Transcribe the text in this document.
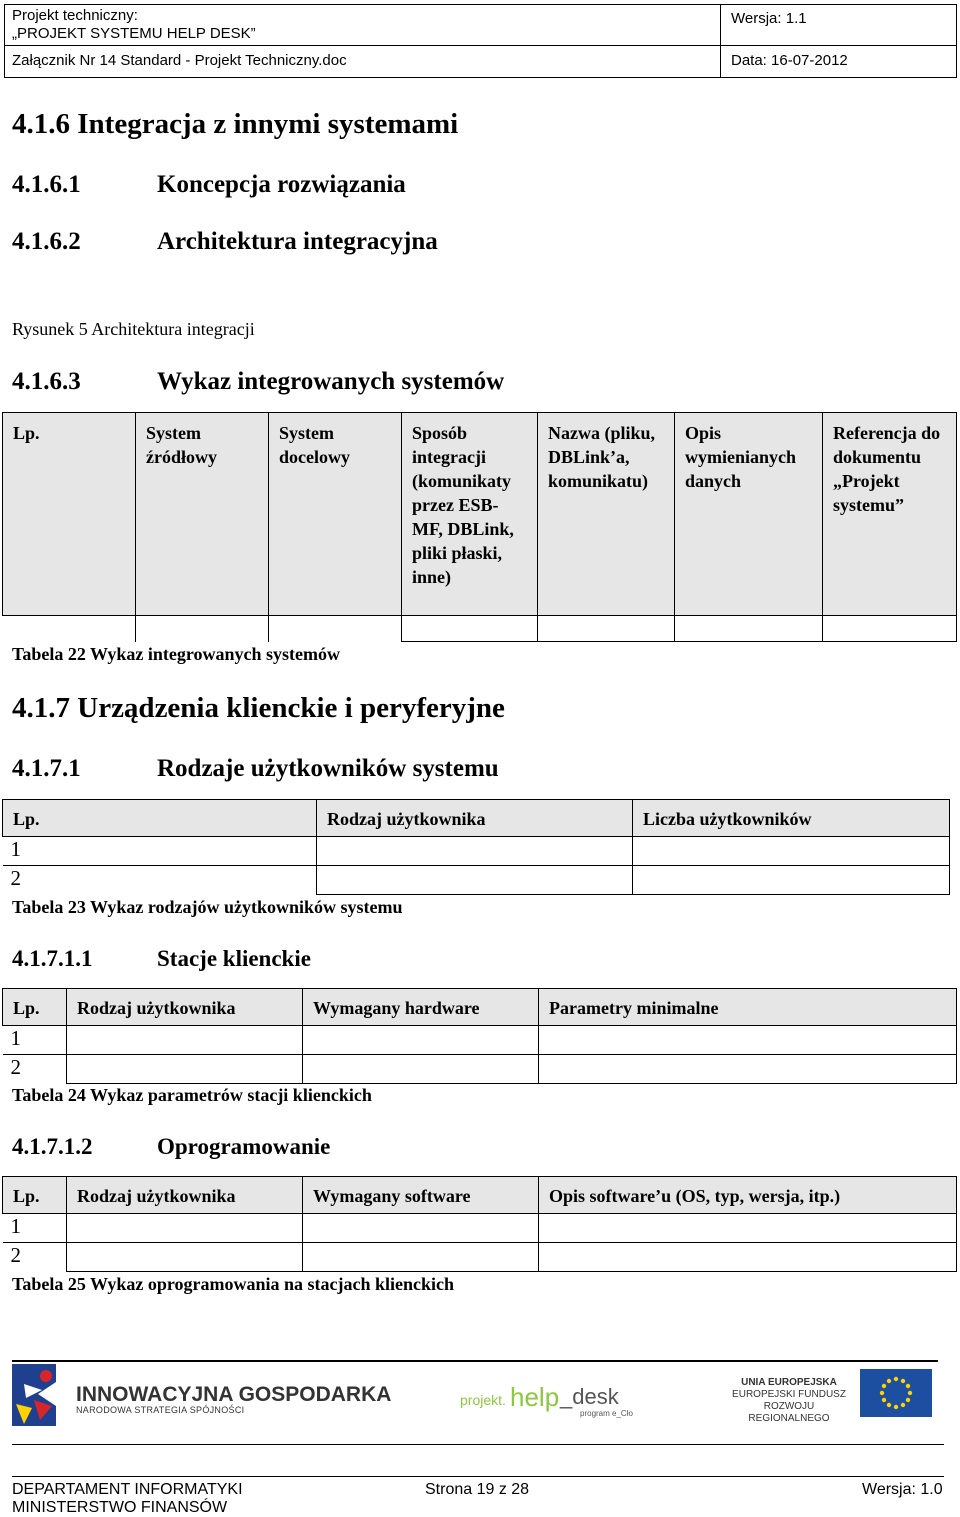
Projekt techniczny:
„PROJEKT SYSTEMU HELP DESK”
Załącznik Nr 14 Standard - Projekt Techniczny.doc
Wersja: 1.1
Data: 16-07-2012
4.1.6 Integracja z innymi systemami
4.1.6.1	Koncepcja rozwiązania
4.1.6.2	Architektura integracyjna
Rysunek 5 Architektura integracji
4.1.6.3	Wykaz integrowanych systemów
Lp.	System źródłowy	System docelowy	Sposób integracji (komunikaty przez ESB-MF, DBLink, pliki płaski, inne)	Nazwa (pliku, DBLink’a, komunikatu)	Opis wymienianych danych	Referencja do dokumentu „Projekt systemu”

Tabela 22 Wykaz integrowanych systemów
4.1.7 Urządzenia klienckie i peryferyjne
4.1.7.1	Rodzaje użytkowników systemu
Lp.	Rodzaj użytkownika	Liczba użytkowników
1		
2		
Tabela 23 Wykaz rodzajów użytkowników systemu
4.1.7.1.1	Stacje klienckie
Lp.	Rodzaj użytkownika	Wymagany hardware	Parametry minimalne
1			
2			
Tabela 24 Wykaz parametrów stacji klienckich
4.1.7.1.2	Oprogramowanie
Lp.	Rodzaj użytkownika	Wymagany software	Opis software’u (OS, typ, wersja, itp.)
1			
2			
Tabela 25 Wykaz oprogramowania na stacjach klienckich
INNOWACYJNA GOSPODARKA
NARODOWA STRATEGIA SPÓJNOŚCI
projekt. help _desk
program e_Cło
UNIA EUROPEJSKA
EUROPEJSKI FUNDUSZ
ROZWOJU REGIONALNEGO
DEPARTAMENT INFORMATYKI
MINISTERSTWO FINANSÓW
Strona 19 z 28	Wersja: 1.0
